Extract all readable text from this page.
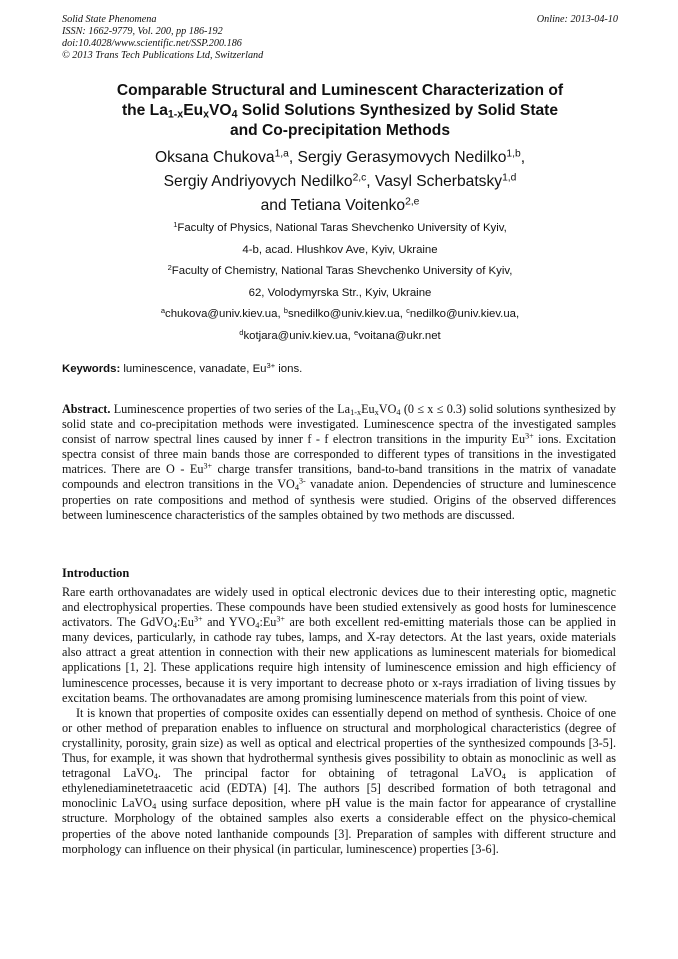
Solid State Phenomena
ISSN: 1662-9779, Vol. 200, pp 186-192
doi:10.4028/www.scientific.net/SSP.200.186
© 2013 Trans Tech Publications Ltd, Switzerland
Online: 2013-04-10
Comparable Structural and Luminescent Characterization of
the $La_{1-x}Eu_xVO_4$ Solid Solutions Synthesized by Solid State
and Co-precipitation Methods
Oksana Chukova$^{1,a}$, Sergiy Gerasymovych Nedilko$^{1,b}$,
Sergiy Andriyovych Nedilko$^{2,c}$, Vasyl Scherbatsky$^{1,d}$
and Tetiana Voitenko$^{2,e}$
$^1$Faculty of Physics, National Taras Shevchenko University of Kyiv,
4-b, acad. Hlushkov Ave, Kyiv, Ukraine
$^2$Faculty of Chemistry, National Taras Shevchenko University of Kyiv,
62, Volodymyrska Str., Kyiv, Ukraine
$^a$chukova@univ.kiev.ua, $^b$snedilko@univ.kiev.ua, $^c$nedilko@univ.kiev.ua,
$^d$kotjara@univ.kiev.ua, $^e$voitana@ukr.net
Keywords: luminescence, vanadate, $Eu^{3+}$ ions.
Abstract. Luminescence properties of two series of the $La_{1-x}Eu_xVO_4$ (0 ≤ x ≤ 0.3) solid solutions synthesized by solid state and co-precipitation methods were investigated. Luminescence spectra of the investigated samples consist of narrow spectral lines caused by inner f - f electron transitions in the impurity $Eu^{3+}$ ions. Excitation spectra consist of three main bands those are corresponded to different types of transitions in the investigated matrices. There are O - $Eu^{3+}$ charge transfer transitions, band-to-band transitions in the matrix of vanadate compounds and electron transitions in the $VO_4^{3-}$ vanadate anion. Dependencies of structure and luminescence properties on rate compositions and method of synthesis were studied. Origins of the observed differences between luminescence characteristics of the samples obtained by two methods are discussed.
Introduction

Rare earth orthovanadates are widely used in optical electronic devices due to their interesting optic, magnetic and electrophysical properties. These compounds have been studied extensively as good hosts for luminescence activators. The $GdVO_4:Eu^{3+}$ and $YVO_4:Eu^{3+}$ are both excellent red-emitting materials those can be applied in many devices, particularly, in cathode ray tubes, lamps, and X-ray detectors. At the last years, oxide materials also attract a great attention in connection with their new applications as luminescent materials for biomedical applications [1, 2]. These applications require high intensity of luminescence emission and high efficiency of luminescence processes, because it is very important to decrease photo or x-rays irradiation of living tissues by excitation beams. The orthovanadates are among promising luminescence materials from this point of view.

It is known that properties of composite oxides can essentially depend on method of synthesis. Choice of one or other method of preparation enables to influence on structural and morphological characteristics (degree of crystallinity, porosity, grain size) as well as optical and electrical properties of the synthesized compounds [3-5]. Thus, for example, it was shown that hydrothermal synthesis gives possibility to obtain as monoclinic as well as tetragonal LaVO$_4$. The principal factor for obtaining of tetragonal LaVO$_4$ is application of ethylenediaminetetraacetic acid (EDTA) [4]. The authors [5] described formation of both tetragonal and monoclinic LaVO$_4$ using surface deposition, where pH value is the main factor for appearance of crystalline structure. Morphology of the obtained samples also exerts a considerable effect on the physico-chemical properties of the above noted lanthanide compounds [3]. Preparation of samples with different structure and morphology can influence on their physical (in particular, luminescence) properties [3-6].
